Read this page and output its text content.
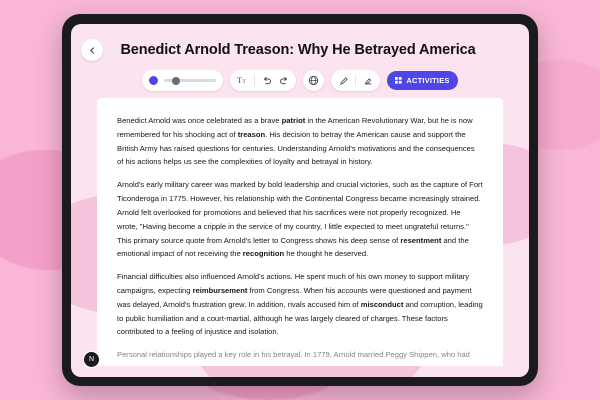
Benedict Arnold Treason: Why He Betrayed America
T T	ACTIVITIES

Benedict Arnold was once celebrated as a brave patriot in the American Revolutionary War, but he is now remembered for his shocking act of treason. His decision to betray the American cause and support the British Army has raised questions for centuries. Understanding Arnold's motivations and the consequences of his actions helps us see the complexities of loyalty and betrayal in history.

Arnold's early military career was marked by bold leadership and crucial victories, such as the capture of Fort Ticonderoga in 1775. However, his relationship with the Continental Congress became increasingly strained. Arnold felt overlooked for promotions and believed that his sacrifices were not properly recognized. He wrote, "Having become a cripple in the service of my country, I little expected to meet ungrateful returns." This primary source quote from Arnold's letter to Congress shows his deep sense of resentment and the emotional impact of not receiving the recognition he thought he deserved.

Financial difficulties also influenced Arnold's actions. He spent much of his own money to support military campaigns, expecting reimbursement from Congress. When his accounts were questioned and payment was delayed, Arnold's frustration grew. In addition, rivals accused him of misconduct and corruption, leading to public humiliation and a court-martial, although he was largely cleared of charges. These factors contributed to a feeling of injustice and isolation.

Personal relationships played a key role in his betrayal. In 1779, Arnold married Peggy Shippen, who had

N
